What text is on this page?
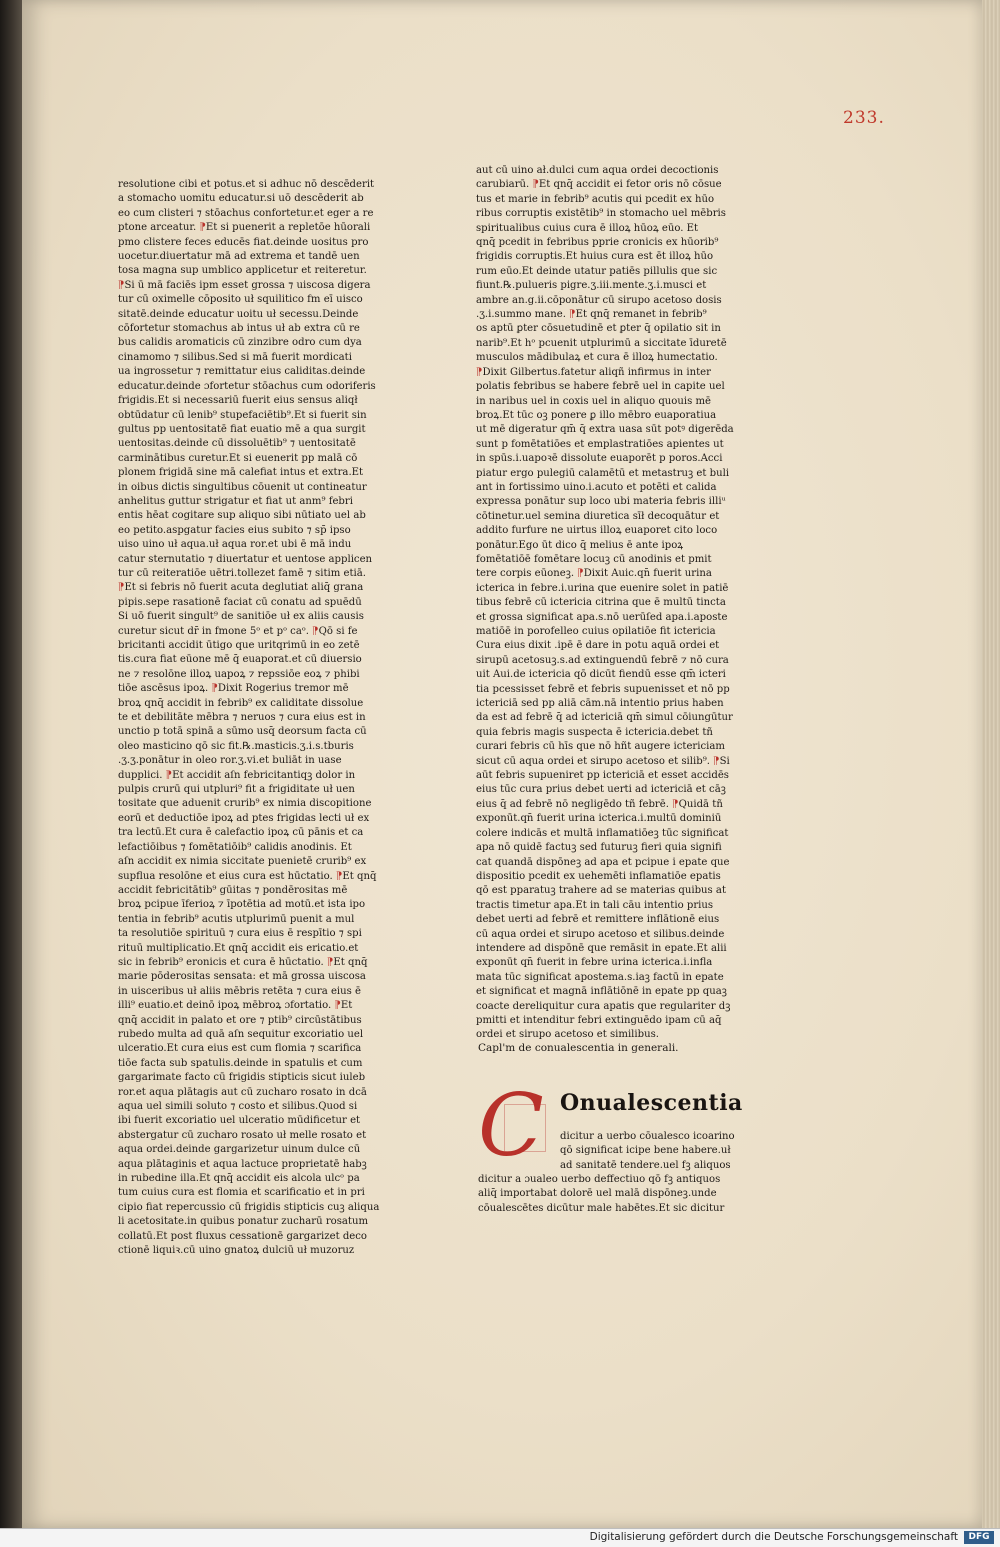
233.

resolutione cibi et potus.et si adhuc nō descēderit

a stomacho uomitu educatur.si uō descēderit ab

eo cum clisteri ⁊ stōachus confortetur.et eger a re

ptone arceatur. ⁋Et si puenerit a repletōe hūorali

pmo clistere feces educēs fiat.deinde uositus pro

uocetur.diuertatur mā ad extrema et tandē uen

tosa magna sup umblico applicetur et reiteretur.

⁋Si ū mā faciēs ipm esset grossa ⁊ uiscosa digera

tur cū oximelle cōposito uł squilitico fm eī uisco

sitatē.deinde educatur uoitu uł secessu.Deinde

cōfortetur stomachus ab intus uł ab extra cū re

bus calidis aromaticis cū zinzibre odro cum dya

cinamomo ⁊ silibus.Sed si mā fuerit mordicati

ua ingrossetur ⁊ remittatur eius caliditas.deinde

educatur.deinde ɔfortetur stōachus cum odoriferis

frigidis.Et si necessariū fuerit eius sensus aliqł

obtūdatur cū lenib⁹ stupefaciētib⁹.Et si fuerit sin

gultus pp uentositatē fiat euatio mē a qua surgit

uentositas.deinde cū dissoluētib⁹ ⁊ uentositatē

carminātibus curetur.Et si euenerit pp malā cō

plonem frigidā sine mā calefiat intus et extra.Et

in oibus dictis singultibus cōuenit ut contineatur

anhelitus guttur strigatur et fiat ut anm⁹ febri

entis hēat cogitare sup aliquo sibi nūtiato uel ab

eo petito.aspgatur facies eius subito ⁊ sp̄ ipso

uiso uino uł aqua.uł aqua ror.et ubi ē mā indu

catur sternutatio ⁊ diuertatur et uentose applicen

tur cū reiteratiōe uētri.tollezet famē ⁊ sitim etiā.

⁋Et si febris nō fuerit acuta deglutiat aliq̄ grana

pipis.sepe rasationē faciat cū conatu ad spuēdū

Si uō fuerit singult⁹ de sanitiōe uł ex aliis causis

curetur sicut dr̄ in fmone 5ᵒ et pᵒ caᵒ. ⁋Qō si fe

bricitanti accidit ūtigo que uritqrimū in eo zetē

tis.cura fiat eūone mē q̄ euaporat.et cū diuersio

ne ⁊ resolōne illoꝝ uapoꝝ ⁊ repssiōe eoꝝ ⁊ phibi

tiōe ascēsus ipoꝝ. ⁋Dixit Rogerius tremor mē

broꝝ qnq̄ accidit in febrib⁹ ex caliditate dissolue

te et debilitāte mēbra ⁊ neruos ⁊ cura eius est in

unctio p totā spinā a sūmo usq̄ deorsum facta cū

oleo masticino qō sic fit.℞.masticis.ʒ.i.s.tburis

.ʒ.ʒ.ponātur in oleo ror.ʒ.vi.et buliāt in uase

dupplici. ⁋Et accidit aſn febricitantiqꝫ dolor in

pulpis crurū qui utpluri⁹ fit a frigiditate uł uen

tositate que aduenit crurib⁹ ex nimia discopitione

eorū et deductiōe ipoꝝ ad ptes frigidas lecti uł ex

tra lectū.Et cura ē calefactio ipoꝝ cū pānis et ca

lefactiōibus ⁊ fomētatiōib⁹ calidis anodinis. Et

aſn accidit ex nimia siccitate puenietē crurib⁹ ex

supflua resolōne et eius cura est hūctatio. ⁋Et qnq̄

accidit febricitātib⁹ gūitas ⁊ pondērositas mē

broꝝ pcipue īferioꝝ ⁊ īpotētia ad motū.et ista ipo

tentia in febrib⁹ acutis utplurimū puenit a mul

ta resolutiōe spirituū ⁊ cura eius ē respītio ⁊ spi

rituū multiplicatio.Et qnq̄ accidit eis ericatio.et

sic in febrib⁹ eronicis et cura ē hūctatio. ⁋Et qnq̄

marie pōderositas sensata: et mā grossa uiscosa

in uisceribus uł aliis mēbris retēta ⁊ cura eius ē

illi⁹ euatio.et deinō ipoꝝ mēbroꝝ ɔfortatio. ⁋Et

qnq̄ accidit in palato et ore ⁊ ptib⁹ circūstātibus

rubedo multa ad quā aſn sequitur excoriatio uel

ulceratio.Et cura eius est cum flomia ⁊ scarifica

tiōe facta sub spatulis.deinde in spatulis et cum

gargarimate facto cū frigidis stipticis sicut iuleb

ror.et aqua plātagis aut cū zucharo rosato in dcā

aqua uel simili soluto ⁊ costo et silibus.Quod si

ibi fuerit excoriatio uel ulceratio mūdificetur et

abstergatur cū zucharo rosato uł melle rosato et

aqua ordei.deinde gargarizetur uinum dulce cū

aqua plātaginis et aqua lactuce proprietatē habꝫ

in rubedine illa.Et qnq̄ accidit eis alcola ulcᵒ pa

tum cuius cura est flomia et scarificatio et in pri

cipio fiat repercussio cū frigidis stipticis cuꝫ aliqua

li acetositate.in quibus ponatur zucharū rosatum

collatū.Et post fluxus cessationē gargarizet deco

ctionē liquiꝛ.cū uino gnatoꝝ dulciū uł muzoruz

aut cū uino ał.dulci cum aqua ordei decoctionis

carubiarū. ⁋Et qnq̄ accidit ei fetor oris nō cōsue

tus et marie in febrib⁹ acutis qui pcedit ex hūo

ribus corruptis existētib⁹ in stomacho uel mēbris

spiritualibus cuius cura ē illoꝝ hūoꝝ eūo. Et

qnq̄ pcedit in febribus pprie cronicis ex hūorib⁹

frigidis corruptis.Et huius cura est ēt illoꝝ hūo

rum eūo.Et deinde utatur patiēs pillulis que sic

fiunt.℞.pulueris pigre.ʒ.iii.mente.ʒ.i.musci et

ambre an.g.ii.cōponātur cū sirupo acetoso dosis

.ʒ.i.summo mane. ⁋Et qnq̄ remanet in febrib⁹

os aptū ꝑter cōsuetudinē et ꝑter q̄ opilatio sit in

narib⁹.Et hᵒ pcuenit utplurimū a siccitate īduretē

musculos mādibulaꝝ et cura ē illoꝝ humectatio.

⁋Dixit Gilbertus.fatetur aliqñ infirmus in inter

polatis febribus se habere febrē uel in capite uel

in naribus uel in coxis uel in aliquo quouis mē

broꝝ.Et tūc oꝫ ponere ꝑ illo mēbro euaporatiua

ut mē digeratur qm̄ q̄ extra uasa sūt potꝰ digerēda

sunt p fomētatiōes et emplastratiōes apientes ut

in spūs.i.uapoꝛē dissolute euaporēt p poros.Acci

piatur ergo pulegiū calamētū et metastruꝫ et buli

ant in fortissimo uino.i.acuto et potēti et calida

expressa ponātur sup loco ubi materia febris illiᵘ

cōtinetur.uel semina diuretica sīł decoquātur et

addito furfure ne uirtus illoꝝ euaporet cito loco

ponātur.Ego ūt dico q̄ melius ē ante ipoꝝ

fomētatiōē fomētare locuꝫ cū anodinis et pmit

tere corpis eūoneꝫ. ⁋Dixit Auic.qn̄ fuerit urina

icterica in febre.i.urina que euenire solet in patiē

tibus febrē cū ictericia citrina que ē multū tincta

et grossa significat apa.s.nō uerūſed apa.i.aposte

matiōē in porofelleo cuius opilatiōe fit ictericia

Cura eius dixit .ipē ē dare in potu aquā ordei et

sirupū acetosuꝫ.s.ad extinguendū febrē ⁊ nō cura

uit Aui.de ictericia qō dicūt fiendū esse qm̄ icteri

tia pcessisset febrē et febris supuenisset et nō pp

ictericiā sed pp aliā cām.nā intentio prius haben

da est ad febrē q̄ ad ictericiā qm̄ simul cōiungūtur

quia febris magis suspecta ē ictericia.debet tñ

curari febris cū hīs que nō hñt augere ictericiam

sicut cū aqua ordei et sirupo acetoso et silib⁹. ⁋Si

aūt febris supueniret pp ictericiā et esset accidēs

eius tūc cura prius debet uerti ad ictericiā et cāꝫ

eius q̄ ad febrē nō negligēdo tñ febrē. ⁋Quidā tñ

exponūt.qn̄ fuerit urina icterica.i.multū dominiū

colere indicās et multā inflamatiōeꝫ tūc significat

apa nō quidē factuꝫ sed futuruꝫ fieri quia signifi

cat quandā dispōneꝫ ad apa et pcipue i epate que

dispositio pcedit ex uehemēti inflamatiōe epatis

qō est pparatuꝫ trahere ad se materias quibus at

tractis timetur apa.Et in tali cāu intentio prius

debet uerti ad febrē et remittere inflātionē eius

cū aqua ordei et sirupo acetoso et silibus.deinde

intendere ad dispōnē que remāsit in epate.Et alii

exponūt qn̄ fuerit in febre urina icterica.i.infla

mata tūc significat apostema.s.iaꝫ factū in epate

et significat et magnā inflātiōnē in epate pp quaꝫ

coacte dereliquitur cura apatis que regulariter dꝫ

pmitti et intenditur febri extinguēdo ipam cū aq̄

ordei et sirupo acetoso et similibus.

Capl'm de conualescentia in generali.
C Onualescentia

dicitur a uerbo cōualesco icoarino

qō significat icipe bene habere.uł

ad sanitatē tendere.uel fꝫ aliquos

dicitur a ɔualeo uerbo deffectiuo qō fꝫ antiquos

aliq̄ importabat dolorē uel malā dispōneꝫ.unde

cōualescētes dicūtur male habētes.Et sic dicitur

Digitalisierung gefördert durch die Deutsche Forschungsgemeinschaft	DFG
